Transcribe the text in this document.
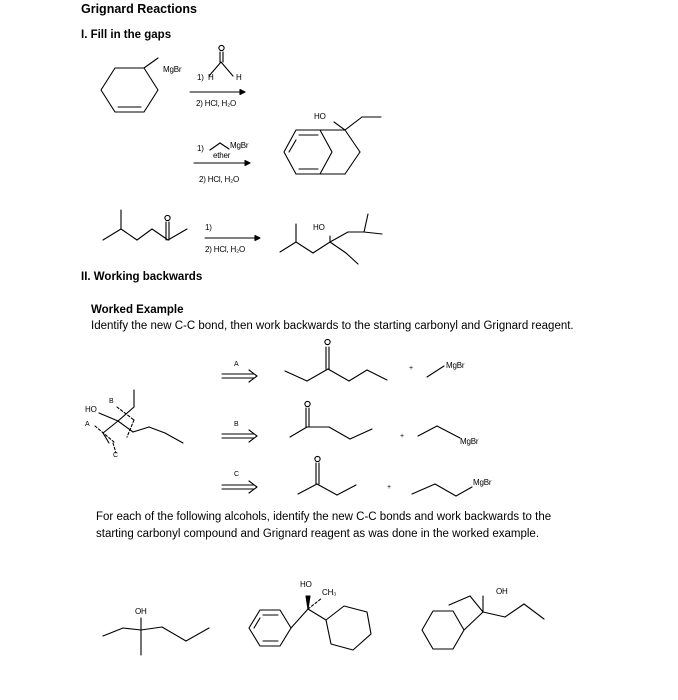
Grignard Reactions
I. Fill in the gaps
MgBr
1) H	H
2) HCl, H₂O
1)	MgBr
ether
2) HCl, H₂O
HO
1)
2) HCl, H₂O
HO
II. Working backwards
Worked Example
Identify the new C-C bond, then work backwards to the starting carbonyl and Grignard reagent.
HO
B
A
C
A
B
C
+	MgBr
+
MgBr
+
MgBr
For each of the following alcohols, identify the new C-C bonds and work backwards to the
starting carbonyl compound and Grignard reagent as was done in the worked example.
OH
HO
CH₃	OH
